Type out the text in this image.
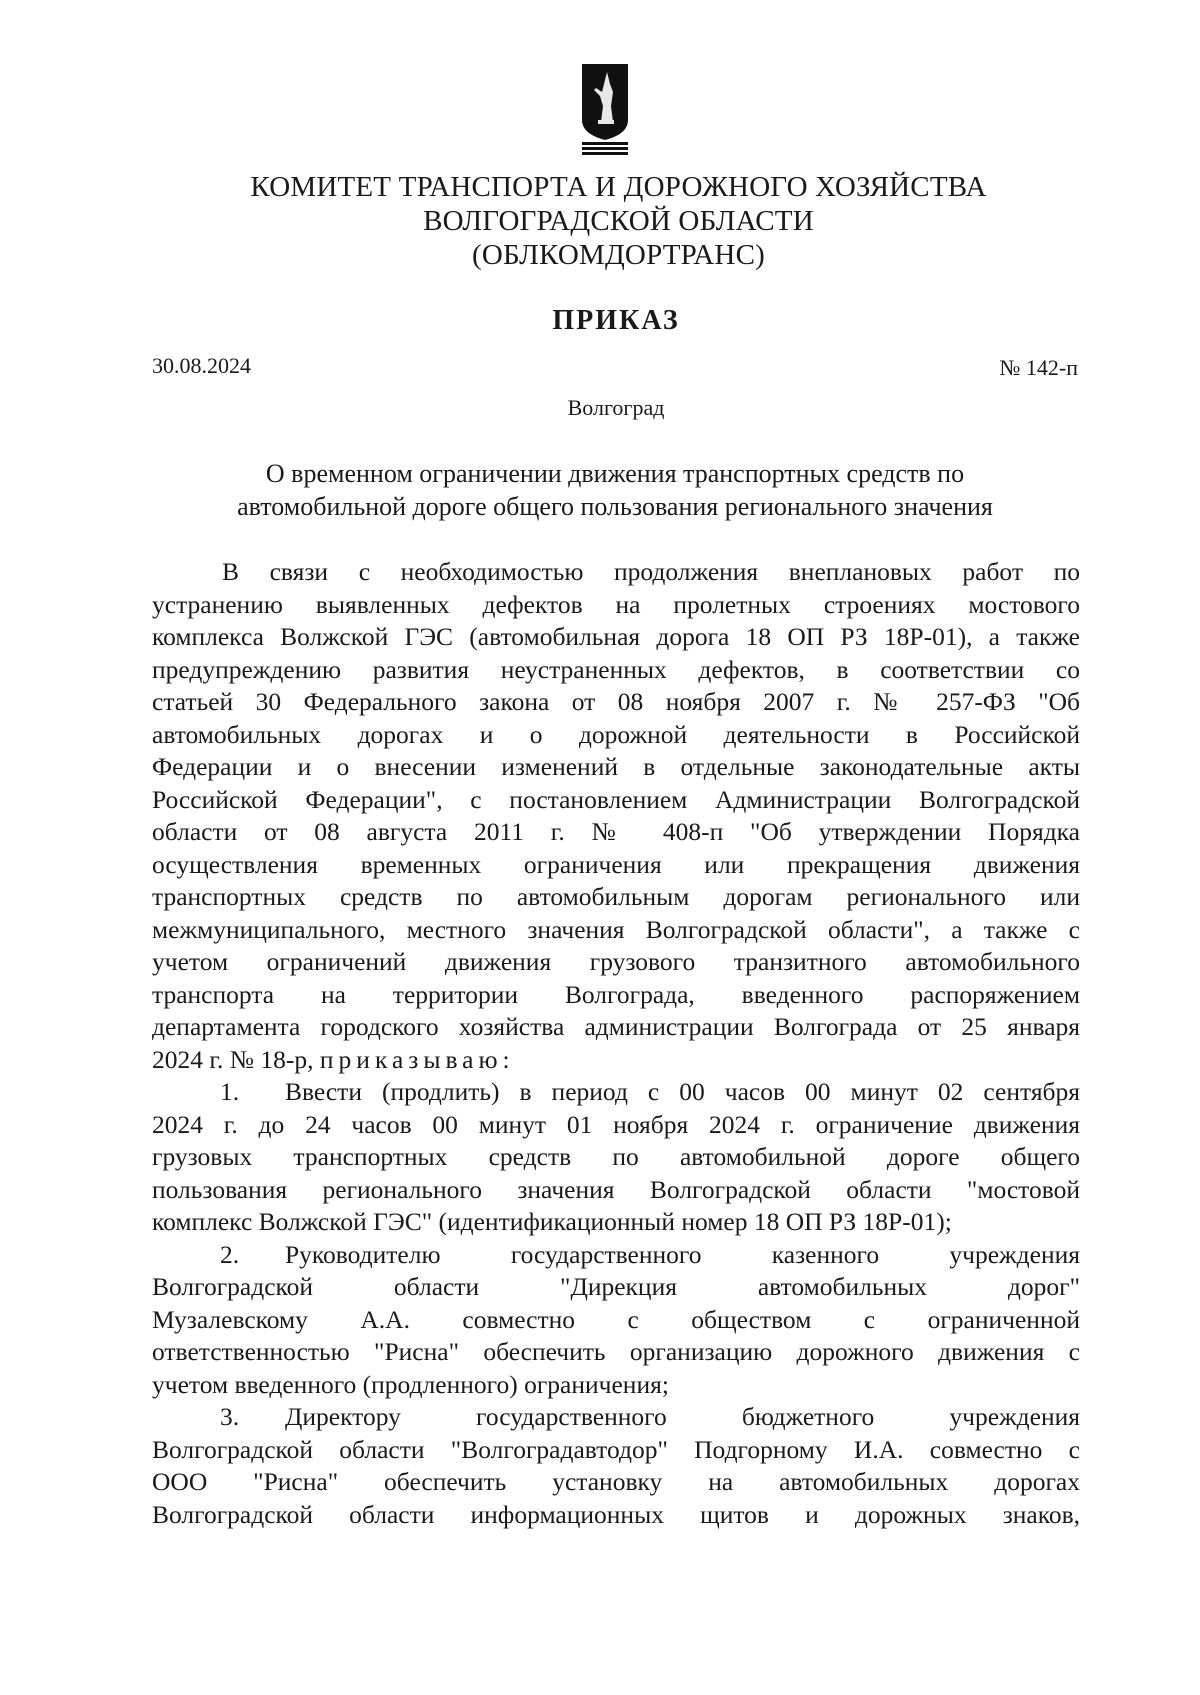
КОМИТЕТ ТРАНСПОРТА И ДОРОЖНОГО ХОЗЯЙСТВА
ВОЛГОГРАДСКОЙ ОБЛАСТИ
(ОБЛКОМДОРТРАНС)
ПРИКАЗ
30.08.2024	№ 142-п
Волгоград
О временном ограничении движения транспортных средств по
автомобильной дороге общего пользования регионального значения
В связи с необходимостью продолжения внеплановых работ по
устранению выявленных дефектов на пролетных строениях мостового
комплекса Волжской ГЭС (автомобильная дорога 18 ОП РЗ 18Р-01), а также
предупреждению развития неустраненных дефектов, в соответствии со
статьей 30 Федерального закона от 08 ноября 2007 г. № 257-ФЗ "Об
автомобильных дорогах и о дорожной деятельности в Российской
Федерации и о внесении изменений в отдельные законодательные акты
Российской Федерации", с постановлением Администрации Волгоградской
области от 08 августа 2011 г. № 408-п "Об утверждении Порядка
осуществления временных ограничения или прекращения движения
транспортных средств по автомобильным дорогам регионального или
межмуниципального, местного значения Волгоградской области", а также с
учетом ограничений движения грузового транзитного автомобильного
транспорта на территории Волгограда, введенного распоряжением
департамента городского хозяйства администрации Волгограда от 25 января
2024 г. № 18-р, приказываю:
1.	Ввести (продлить) в период с 00 часов 00 минут 02 сентября
2024 г. до 24 часов 00 минут 01 ноября 2024 г. ограничение движения
грузовых транспортных средств по автомобильной дороге общего
пользования регионального значения Волгоградской области "мостовой
комплекс Волжской ГЭС" (идентификационный номер 18 ОП РЗ 18Р-01);
2.	Руководителю государственного казенного учреждения
Волгоградской области "Дирекция автомобильных дорог"
Музалевскому А.А. совместно с обществом с ограниченной
ответственностью "Рисна" обеспечить организацию дорожного движения с
учетом введенного (продленного) ограничения;
3.	Директору государственного бюджетного учреждения
Волгоградской области "Волгоградавтодор" Подгорному И.А. совместно с
ООО "Рисна" обеспечить установку на автомобильных дорогах
Волгоградской области информационных щитов и дорожных знаков,
